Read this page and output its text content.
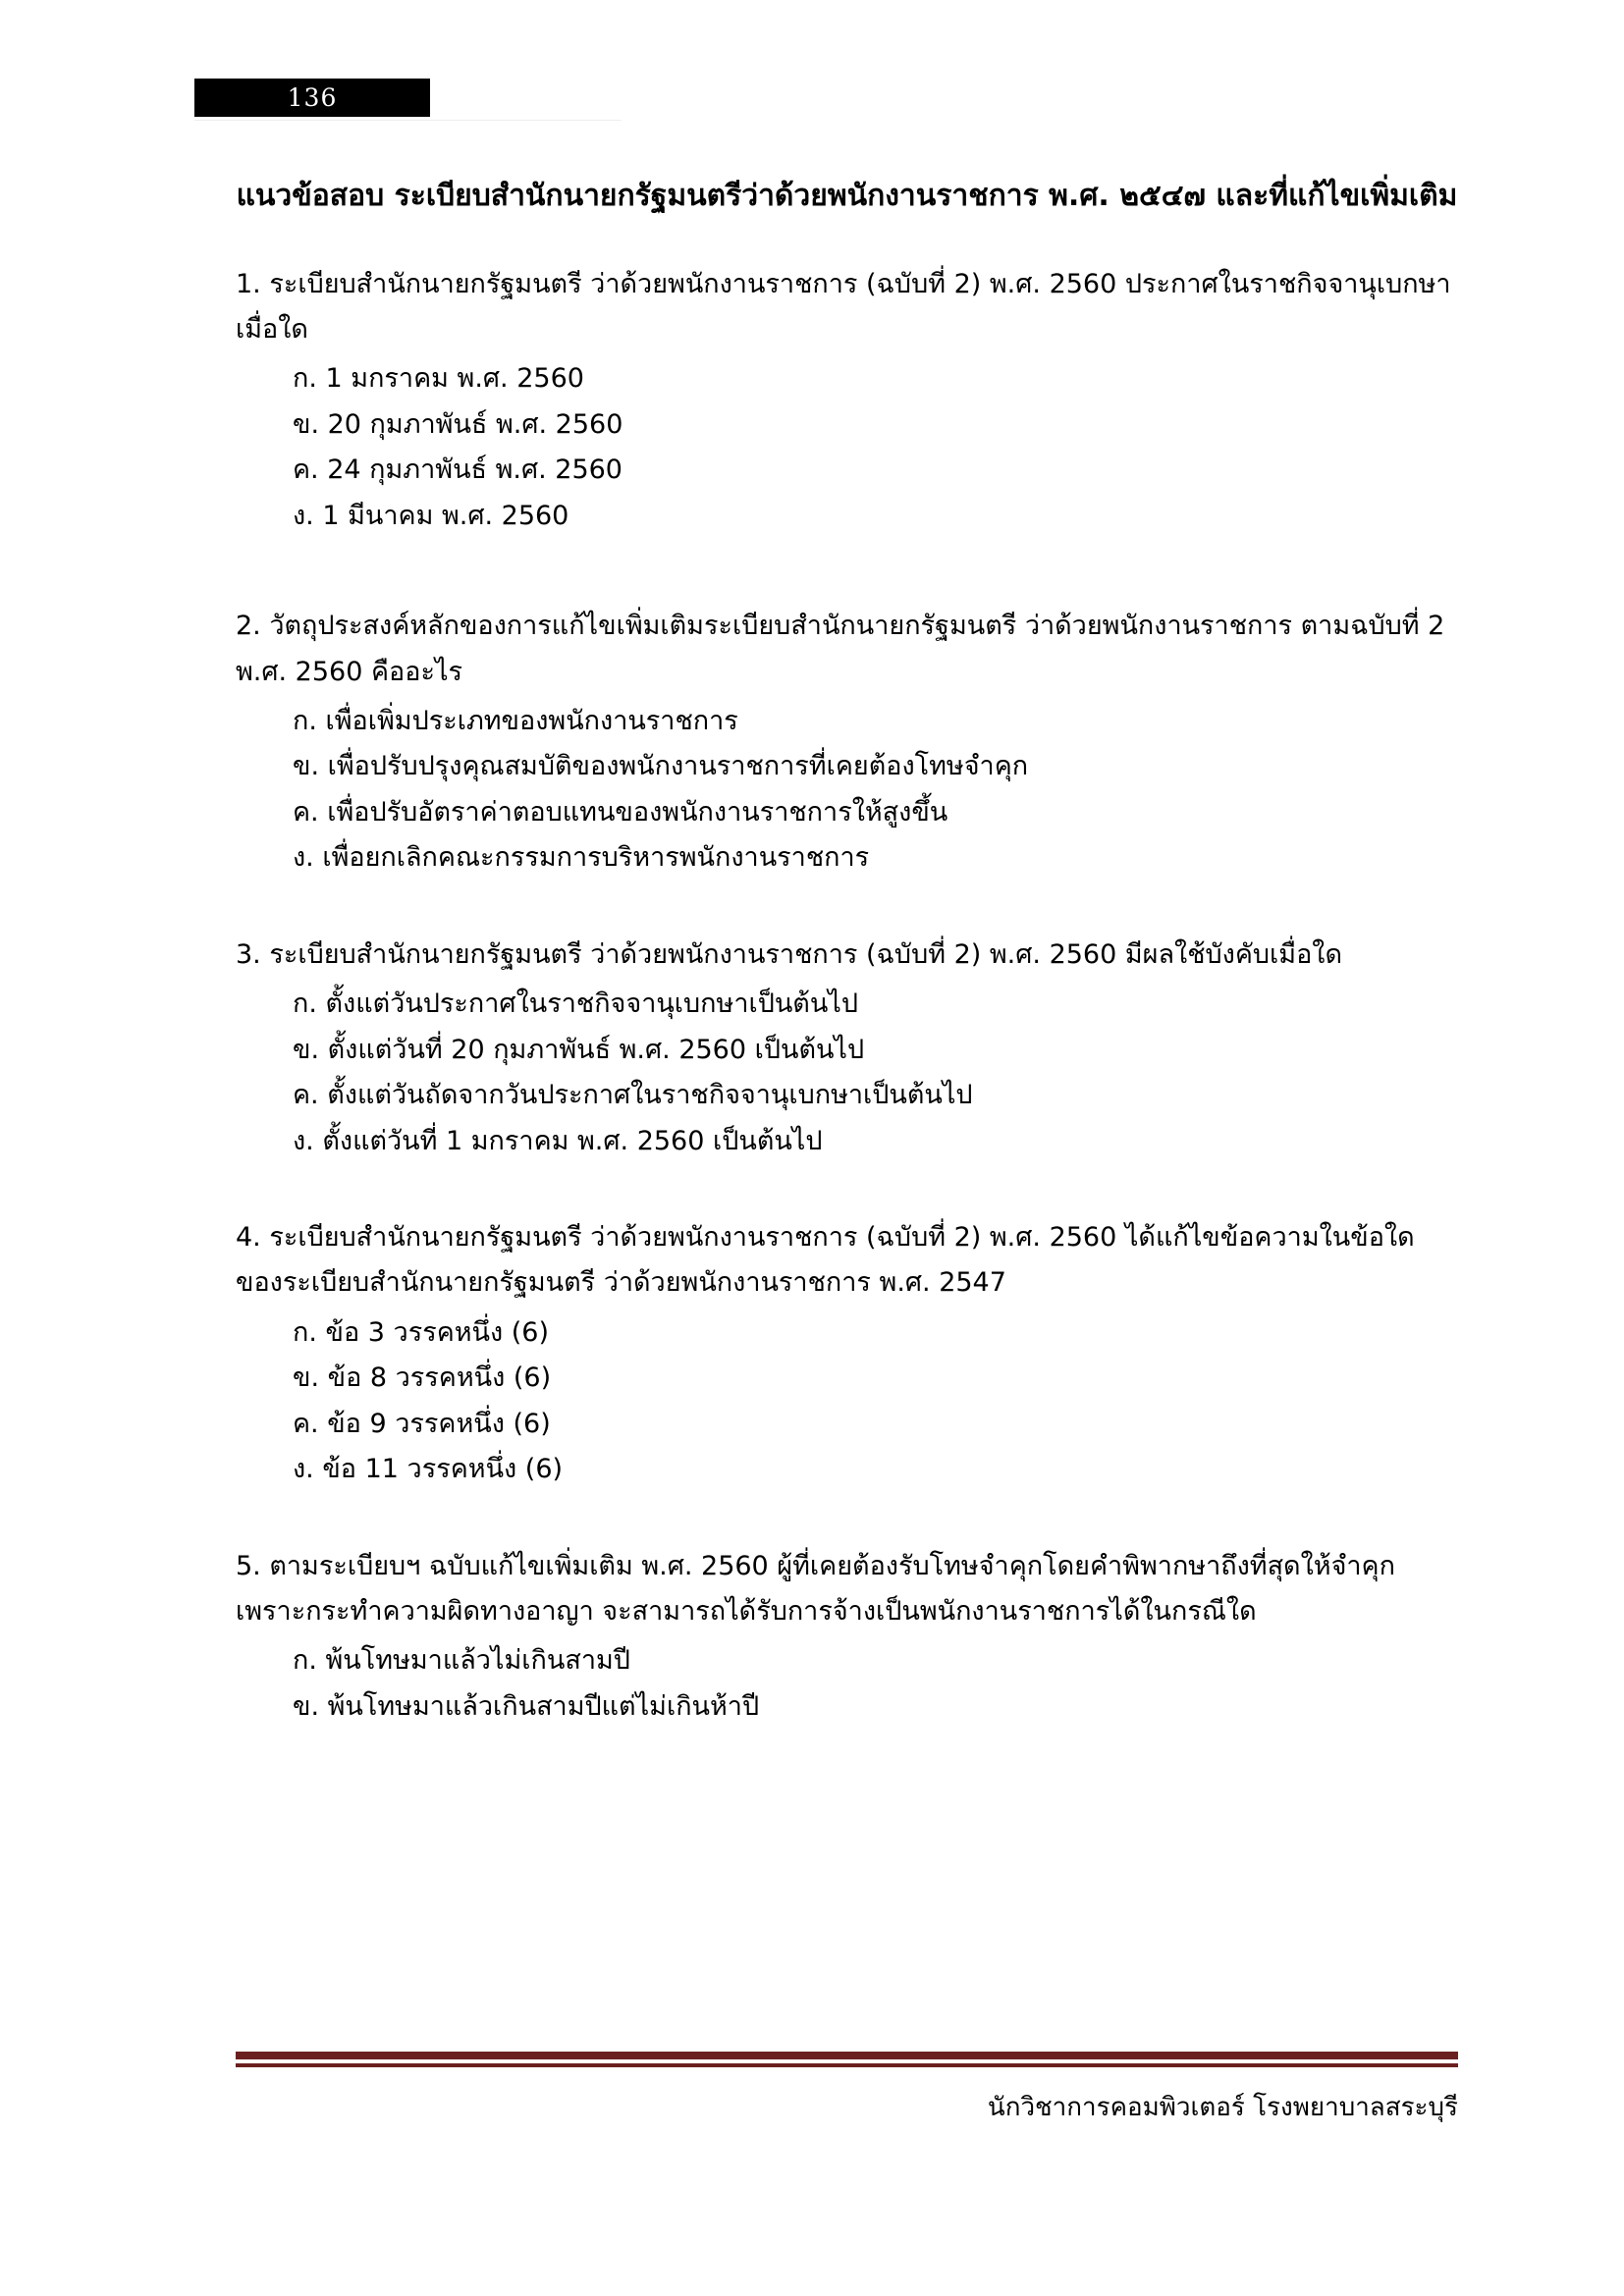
136
แนวข้อสอบ ระเบียบสำนักนายกรัฐมนตรีว่าด้วยพนักงานราชการ พ.ศ. ๒๕๔๗ และที่แก้ไขเพิ่มเติม

1. ระเบียบสำนักนายกรัฐมนตรี ว่าด้วยพนักงานราชการ (ฉบับที่ 2) พ.ศ. 2560 ประกาศในราชกิจจานุเบกษาเมื่อใด

ก. 1 มกราคม พ.ศ. 2560
ข. 20 กุมภาพันธ์ พ.ศ. 2560
ค. 24 กุมภาพันธ์ พ.ศ. 2560
ง. 1 มีนาคม พ.ศ. 2560

2. วัตถุประสงค์หลักของการแก้ไขเพิ่มเติมระเบียบสำนักนายกรัฐมนตรี ว่าด้วยพนักงานราชการ ตามฉบับที่ 2 พ.ศ. 2560 คืออะไร

ก. เพื่อเพิ่มประเภทของพนักงานราชการ
ข. เพื่อปรับปรุงคุณสมบัติของพนักงานราชการที่เคยต้องโทษจำคุก
ค. เพื่อปรับอัตราค่าตอบแทนของพนักงานราชการให้สูงขึ้น
ง. เพื่อยกเลิกคณะกรรมการบริหารพนักงานราชการ

3. ระเบียบสำนักนายกรัฐมนตรี ว่าด้วยพนักงานราชการ (ฉบับที่ 2) พ.ศ. 2560 มีผลใช้บังคับเมื่อใด

ก. ตั้งแต่วันประกาศในราชกิจจานุเบกษาเป็นต้นไป
ข. ตั้งแต่วันที่ 20 กุมภาพันธ์ พ.ศ. 2560 เป็นต้นไป
ค. ตั้งแต่วันถัดจากวันประกาศในราชกิจจานุเบกษาเป็นต้นไป
ง. ตั้งแต่วันที่ 1 มกราคม พ.ศ. 2560 เป็นต้นไป

4. ระเบียบสำนักนายกรัฐมนตรี ว่าด้วยพนักงานราชการ (ฉบับที่ 2) พ.ศ. 2560 ได้แก้ไขข้อความในข้อใดของระเบียบสำนักนายกรัฐมนตรี ว่าด้วยพนักงานราชการ พ.ศ. 2547

ก. ข้อ 3 วรรคหนึ่ง (6)
ข. ข้อ 8 วรรคหนึ่ง (6)
ค. ข้อ 9 วรรคหนึ่ง (6)
ง. ข้อ 11 วรรคหนึ่ง (6)

5. ตามระเบียบฯ ฉบับแก้ไขเพิ่มเติม พ.ศ. 2560 ผู้ที่เคยต้องรับโทษจำคุกโดยคำพิพากษาถึงที่สุดให้จำคุกเพราะกระทำความผิดทางอาญา จะสามารถได้รับการจ้างเป็นพนักงานราชการได้ในกรณีใด

ก. พ้นโทษมาแล้วไม่เกินสามปี
ข. พ้นโทษมาแล้วเกินสามปีแต่ไม่เกินห้าปี
นักวิชาการคอมพิวเตอร์ โรงพยาบาลสระบุรี
